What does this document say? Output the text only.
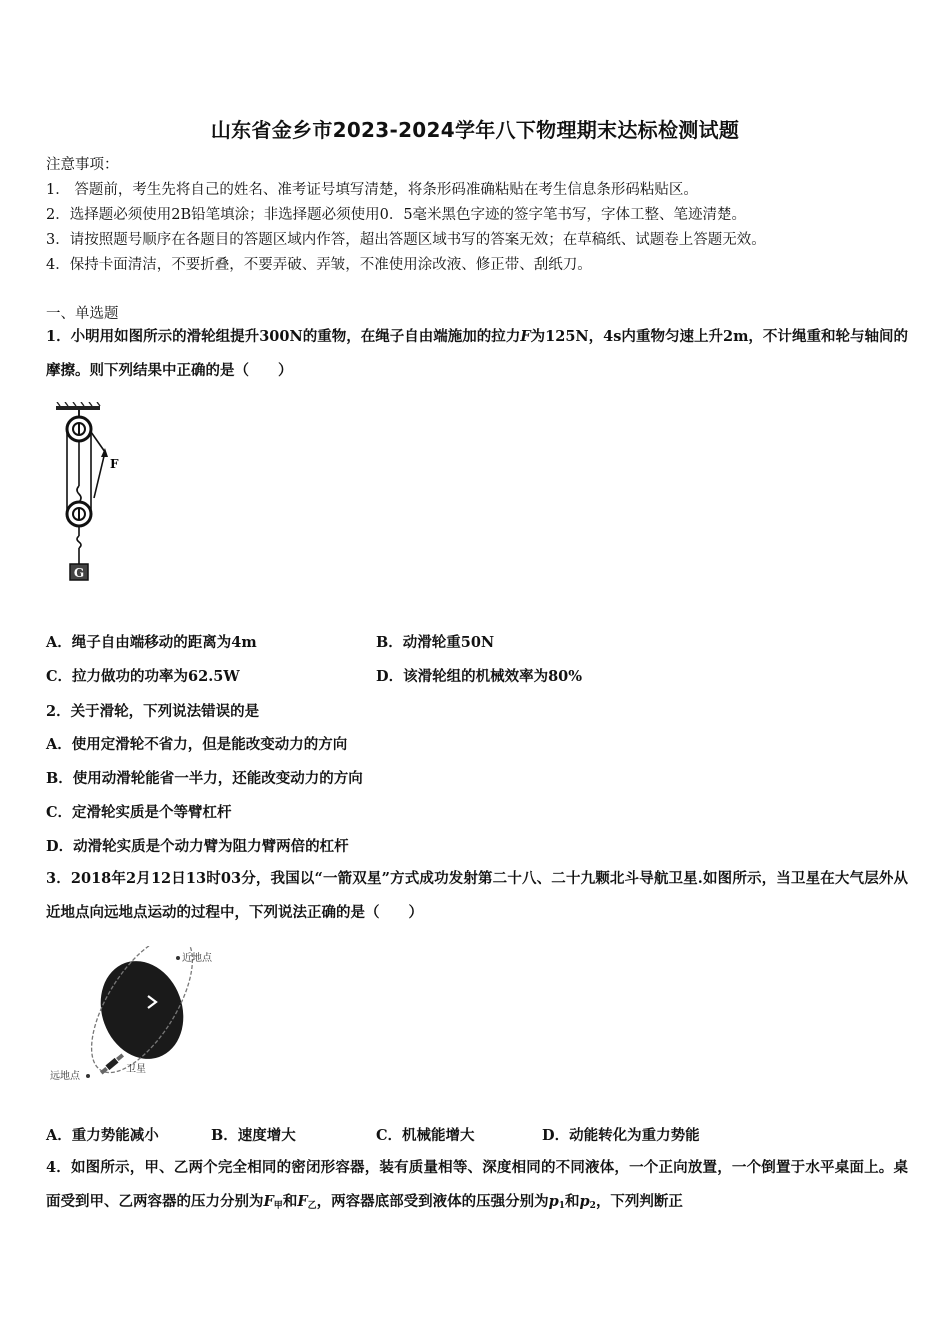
山东省金乡市2023-2024学年八下物理期末达标检测试题
注意事项：
1． 答题前，考生先将自己的姓名、准考证号填写清楚，将条形码准确粘贴在考生信息条形码粘贴区。
2．选择题必须使用2B铅笔填涂；非选择题必须使用0．5毫米黑色字迹的签字笔书写，字体工整、笔迹清楚。
3．请按照题号顺序在各题目的答题区域内作答，超出答题区域书写的答案无效；在草稿纸、试题卷上答题无效。
4．保持卡面清洁，不要折叠，不要弄破、弄皱，不准使用涂改液、修正带、刮纸刀。
一、单选题
1．小明用如图所示的滑轮组提升300N的重物，在绳子自由端施加的拉力F为125N，4s内重物匀速上升2m，不计绳重和轮与轴间的摩擦。则下列结果中正确的是（　　）
F
G
A．绳子自由端移动的距离为4m	B．动滑轮重50N
C．拉力做功的功率为62.5W	D．该滑轮组的机械效率为80%
2．关于滑轮，下列说法错误的是
A．使用定滑轮不省力，但是能改变动力的方向
B．使用动滑轮能省一半力，还能改变动力的方向
C．定滑轮实质是个等臂杠杆
D．动滑轮实质是个动力臂为阻力臂两倍的杠杆
3．2018年2月12日13时03分，我国以“一箭双星”方式成功发射第二十八、二十九颗北斗导航卫星.如图所示，当卫星在大气层外从近地点向远地点运动的过程中，下列说法正确的是（　　）
近地点
远地点
卫星
A．重力势能减小	B．速度增大	C．机械能增大	D．动能转化为重力势能
4．如图所示，甲、乙两个完全相同的密闭形容器，装有质量相等、深度相同的不同液体，一个正向放置，一个倒置于水平桌面上。桌面受到甲、乙两容器的压力分别为$F_甲$和$F_乙$，两容器底部受到液体的压强分别为$p_1$和$p_2$，下列判断正
